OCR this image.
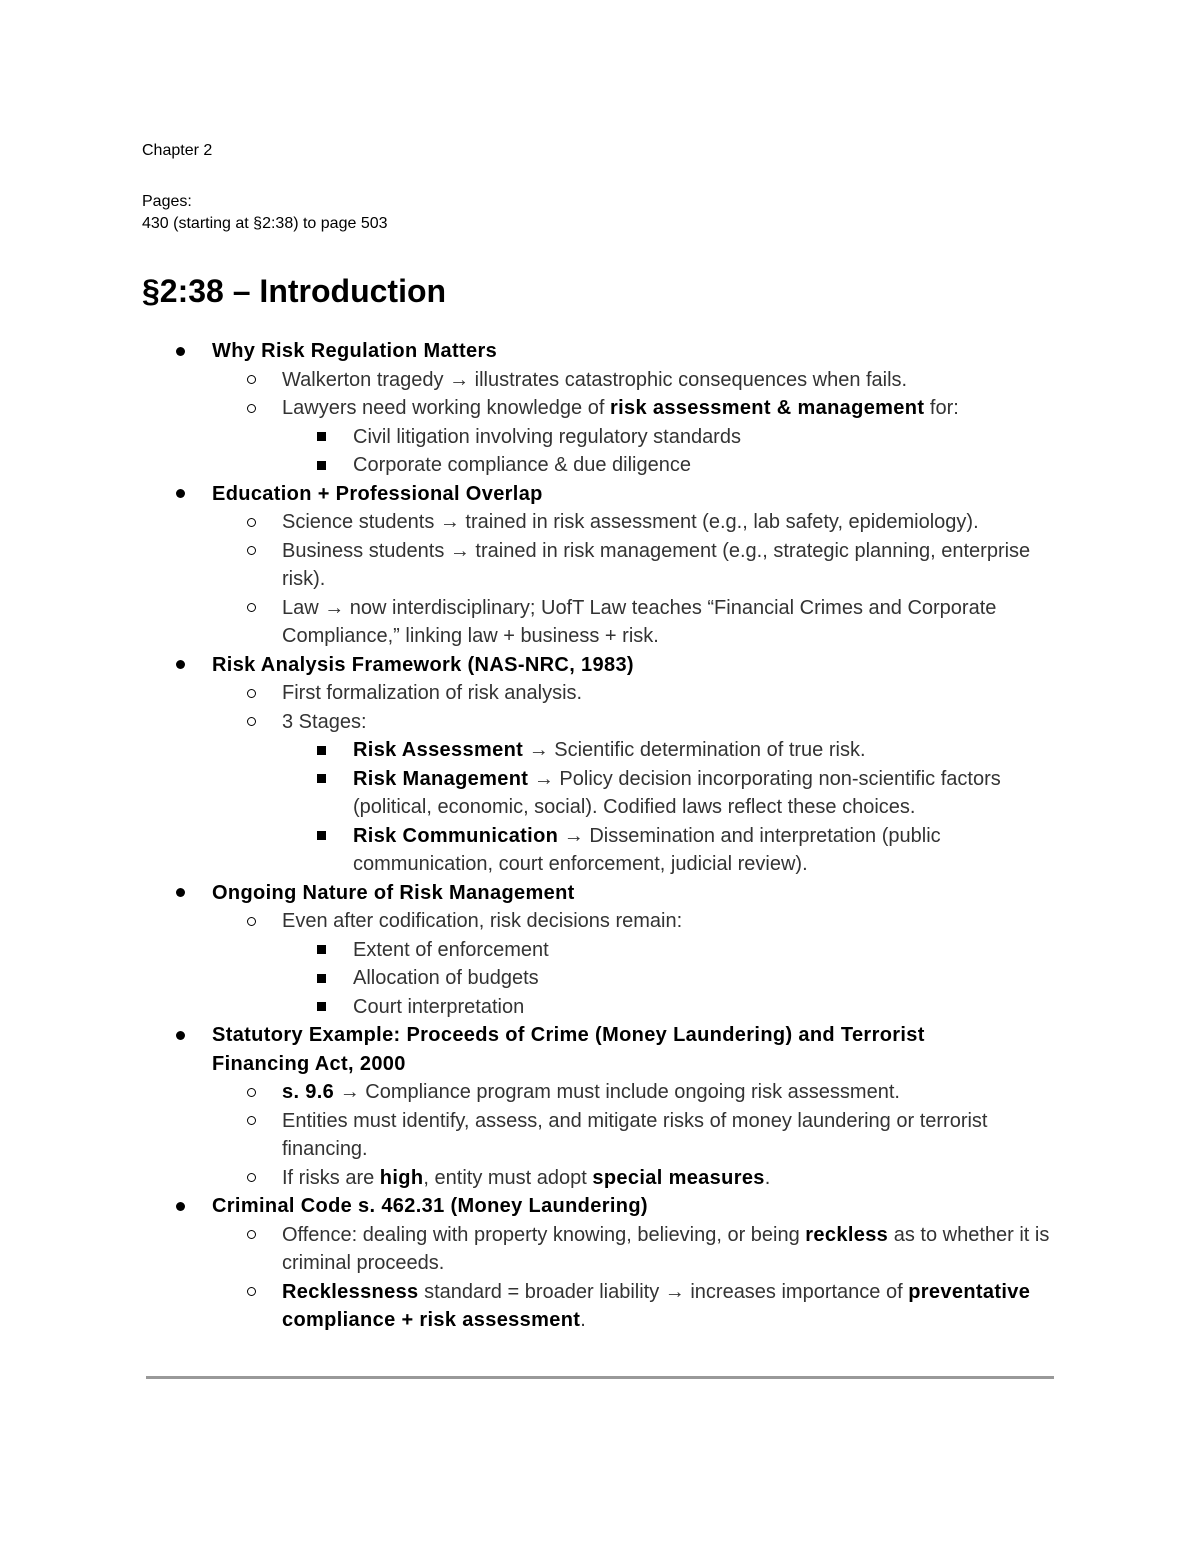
Chapter 2
Pages:
430 (starting at §2:38) to page 503
§2:38 – Introduction
Why Risk Regulation Matters
Walkerton tragedy → illustrates catastrophic consequences when fails.
Lawyers need working knowledge of risk assessment & management for:
Civil litigation involving regulatory standards
Corporate compliance & due diligence
Education + Professional Overlap
Science students → trained in risk assessment (e.g., lab safety, epidemiology).
Business students → trained in risk management (e.g., strategic planning, enterprise risk).
Law → now interdisciplinary; UofT Law teaches “Financial Crimes and Corporate Compliance,” linking law + business + risk.
Risk Analysis Framework (NAS-NRC, 1983)
First formalization of risk analysis.
3 Stages:
Risk Assessment → Scientific determination of true risk.
Risk Management → Policy decision incorporating non-scientific factors (political, economic, social). Codified laws reflect these choices.
Risk Communication → Dissemination and interpretation (public communication, court enforcement, judicial review).
Ongoing Nature of Risk Management
Even after codification, risk decisions remain:
Extent of enforcement
Allocation of budgets
Court interpretation
Statutory Example: Proceeds of Crime (Money Laundering) and Terrorist Financing Act, 2000
s. 9.6 → Compliance program must include ongoing risk assessment.
Entities must identify, assess, and mitigate risks of money laundering or terrorist financing.
If risks are high, entity must adopt special measures.
Criminal Code s. 462.31 (Money Laundering)
Offence: dealing with property knowing, believing, or being reckless as to whether it is criminal proceeds.
Recklessness standard = broader liability → increases importance of preventative compliance + risk assessment.
